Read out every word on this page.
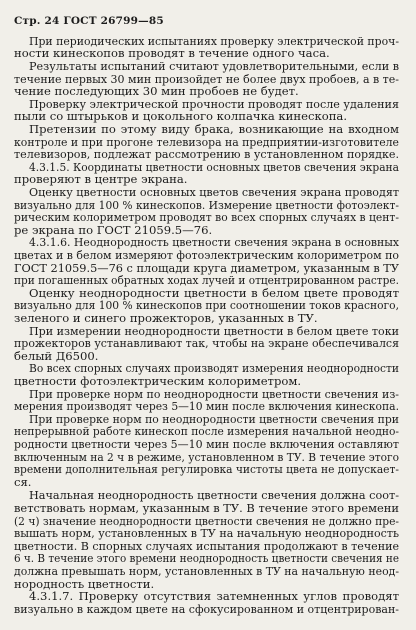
Стр. 24 ГОСТ 26799—85
При периодических испытаниях проверку электрической проч-
ности кинескопов проводят в течение одного часа.
Результаты испытаний считают удовлетворительными, если в
течение первых 30 мин произойдет не более двух пробоев, а в те-
чение последующих 30 мин пробоев не будет.
Проверку электрической прочности проводят после удаления
пыли со штырьков и цокольного колпачка кинескопа.
Претензии по этому виду брака, возникающие на входном
контроле и при прогоне телевизора на предприятии-изготовителе
телевизоров, подлежат рассмотрению в установленном порядке.
4.3.1.5. Координаты цветности основных цветов свечения экрана
проверяют в центре экрана.
Оценку цветности основных цветов свечения экрана проводят
визуально для 100 % кинескопов. Измерение цветности фотоэлект-
рическим колориметром проводят во всех спорных случаях в цент-
ре экрана по ГОСТ 21059.5—76.
4.3.1.6. Неоднородность цветности свечения экрана в основных
цветах и в белом измеряют фотоэлектрическим колориметром по
ГОСТ 21059.5—76 с площади круга диаметром, указанным в ТУ
при погашенных обратных ходах лучей и отцентрированном растре.
Оценку неоднородности цветности в белом цвете проводят
визуально для 100 % кинескопов при соотношении токов красного,
зеленого и синего прожекторов, указанных в ТУ.
При измерении неоднородности цветности в белом цвете токи
прожекторов устанавливают так, чтобы на экране обеспечивался
белый Д6500.
Во всех спорных случаях производят измерения неоднородности
цветности фотоэлектрическим колориметром.
При проверке норм по неоднородности цветности свечения из-
мерения производят через 5—10 мин после включения кинескопа.
При проверке норм по неоднородности цветности свечения при
непрерывной работе кинескоп после измерения начальной неодно-
родности цветности через 5—10 мин после включения оставляют
включенным на 2 ч в режиме, установленном в ТУ. В течение этого
времени дополнительная регулировка чистоты цвета не допускает-
ся.
Начальная неоднородность цветности свечения должна соот-
ветствовать нормам, указанным в ТУ. В течение этого времени
(2 ч) значение неоднородности цветности свечения не должно пре-
вышать норм, установленных в ТУ на начальную неоднородность
цветности. В спорных случаях испытания продолжают в течение
6 ч. В течение этого времени неоднородность цветности свечения не
должна превышать норм, установленных в ТУ на начальную неод-
нородность цветности.
4.3.1.7. Проверку отсутствия затемненных углов проводят
визуально в каждом цвете на сфокусированном и отцентрирован-
